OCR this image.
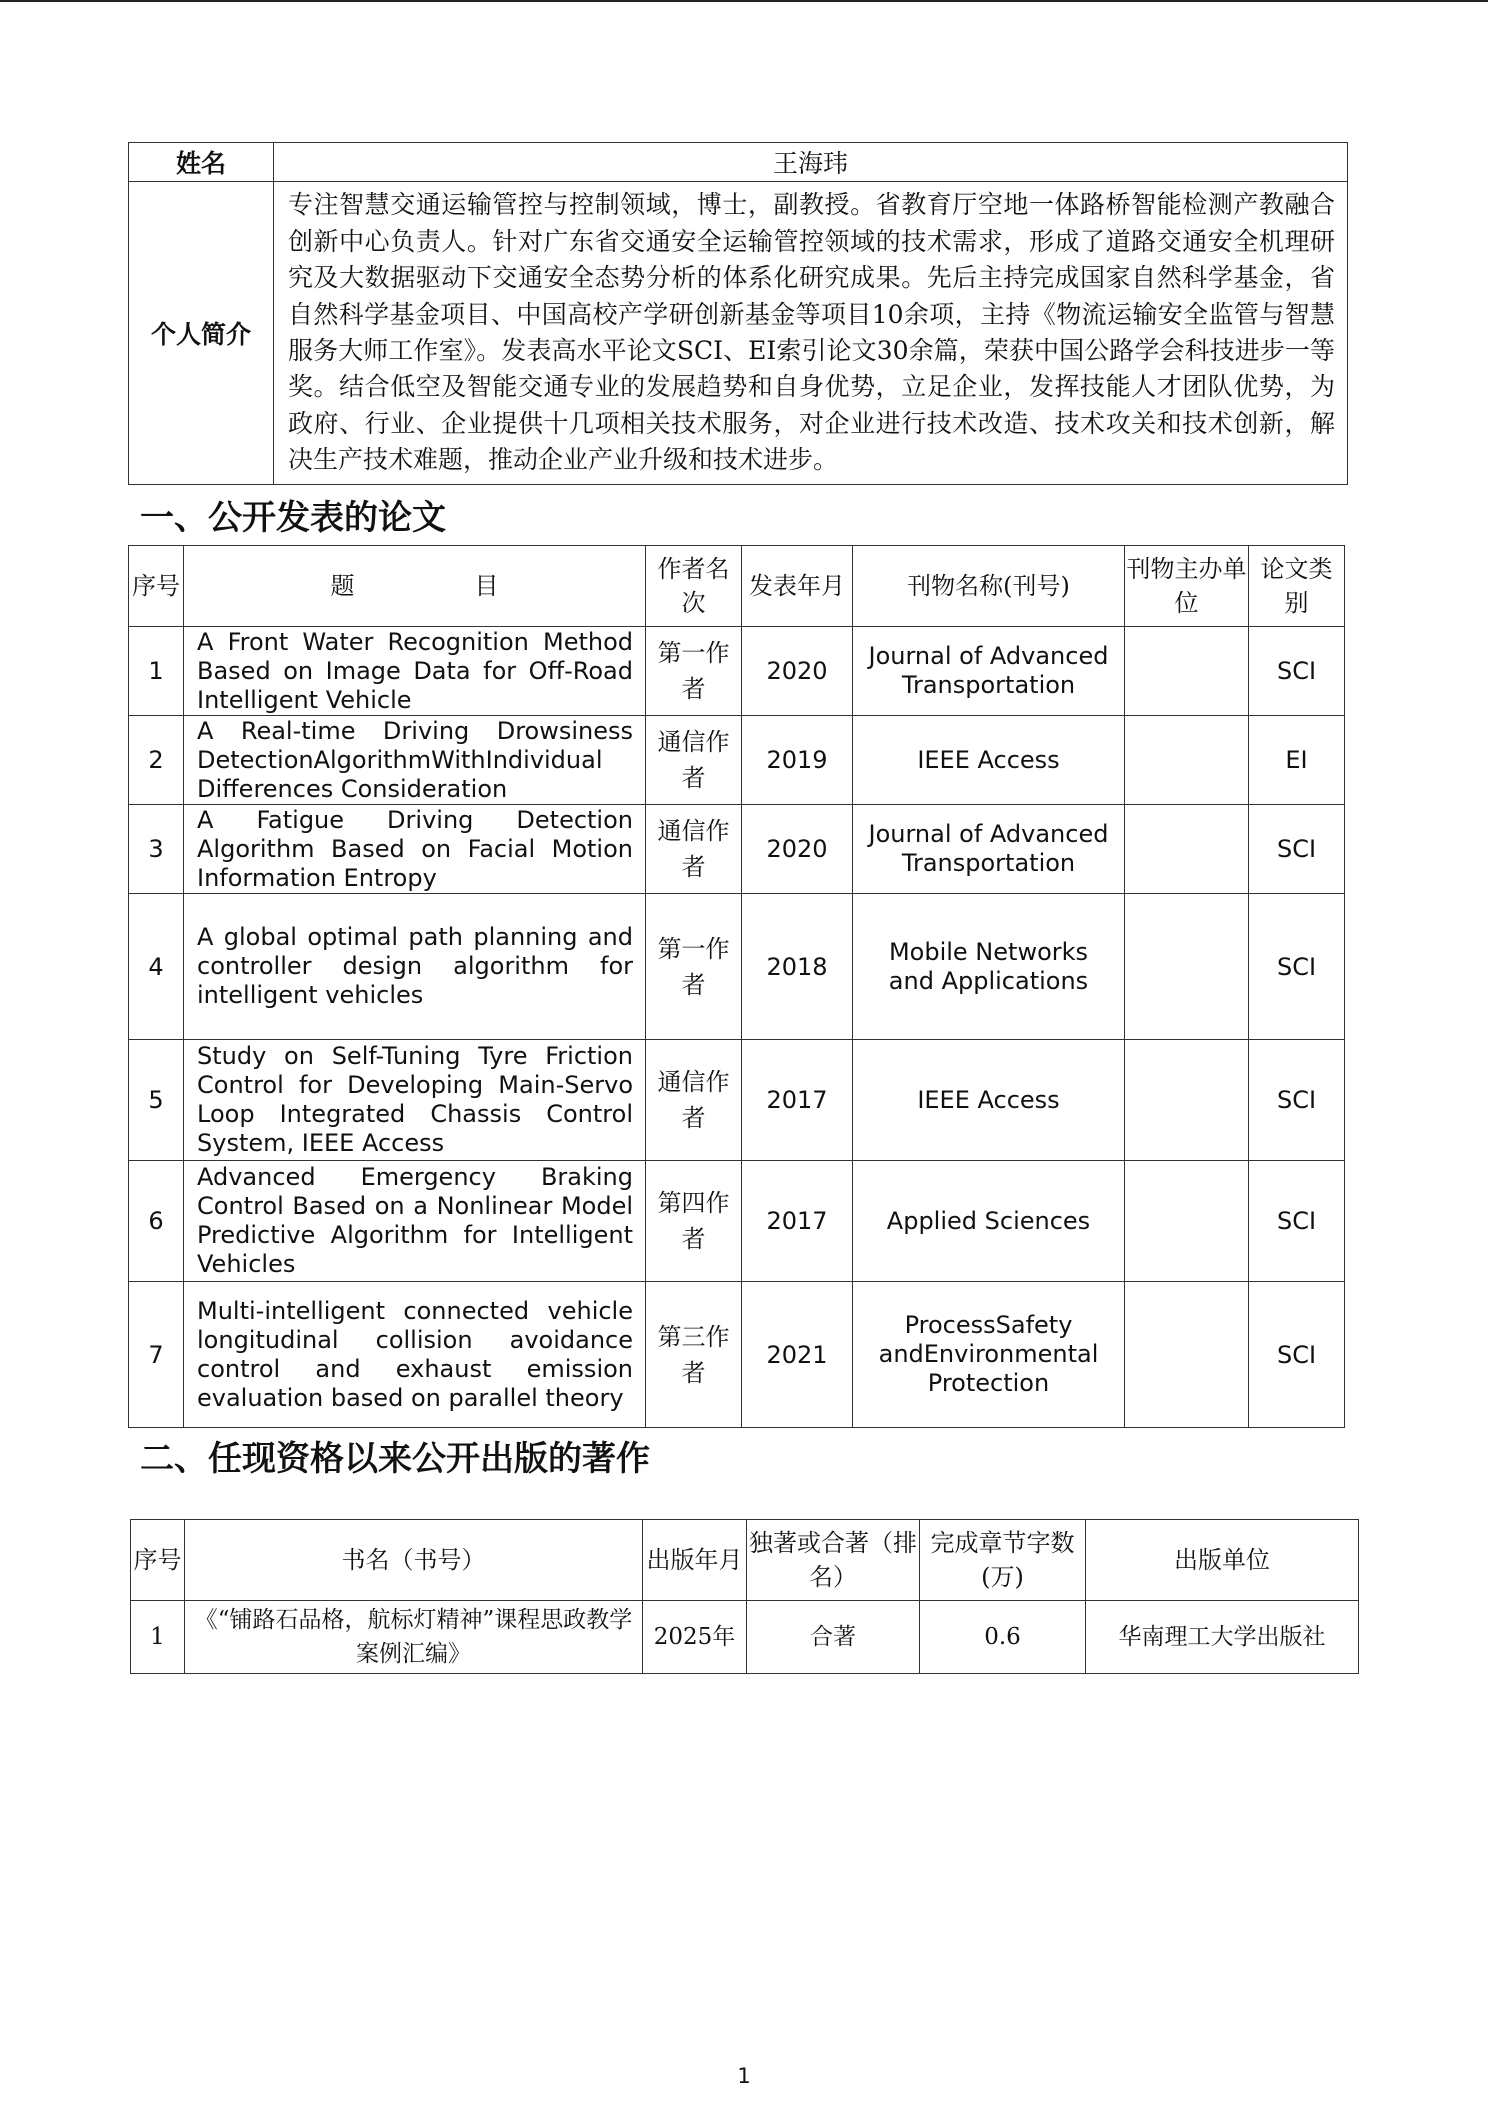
姓名	王海玮
个人简介	专注智慧交通运输管控与控制领域，博士，副教授。省教育厅空地一体路桥智能检测产教融合创新中心负责人。针对广东省交通安全运输管控领域的技术需求，形成了道路交通安全机理研究及大数据驱动下交通安全态势分析的体系化研究成果。先后主持完成国家自然科学基金，省自然科学基金项目、中国高校产学研创新基金等项目10余项，主持《物流运输安全监管与智慧服务大师工作室》。发表高水平论文SCI、EI索引论文30余篇，荣获中国公路学会科技进步一等奖。结合低空及智能交通专业的发展趋势和自身优势，立足企业，发挥技能人才团队优势，为政府、行业、企业提供十几项相关技术服务，对企业进行技术改造、技术攻关和技术创新，解决生产技术难题，推动企业产业升级和技术进步。
一、公开发表的论文
序号	题　　　　　目	作者名次	发表年月	刊物名称(刊号)	刊物主办单位	论文类别
1	A Front Water Recognition Method Based on Image Data for Off-Road Intelligent Vehicle	第一作者	2020	Journal of Advanced Transportation		SCI
2	A Real-time Driving Drowsiness DetectionAlgorithmWithIndividual Differences Consideration	通信作者	2019	IEEE Access		EI
3	A Fatigue Driving Detection Algorithm Based on Facial Motion Information Entropy	通信作者	2020	Journal of Advanced Transportation		SCI
4	A global optimal path planning and controller design algorithm for intelligent vehicles	第一作者	2018	Mobile Networks and Applications		SCI
5	Study on Self-Tuning Tyre Friction Control for Developing Main-Servo Loop Integrated Chassis Control System, IEEE Access	通信作者	2017	IEEE Access		SCI
6	Advanced Emergency Braking Control Based on a Nonlinear Model Predictive Algorithm for Intelligent Vehicles	第四作者	2017	Applied Sciences		SCI
7	Multi-intelligent connected vehicle longitudinal collision avoidance control and exhaust emission evaluation based on parallel theory	第三作者	2021	ProcessSafety andEnvironmental Protection		SCI
二、任现资格以来公开出版的著作
序号	书名（书号）	出版年月	独著或合著（排名）	完成章节字数(万)	出版单位
1	《“铺路石品格，航标灯精神”课程思政教学案例汇编》	2025年	合著	0.6	华南理工大学出版社
1
